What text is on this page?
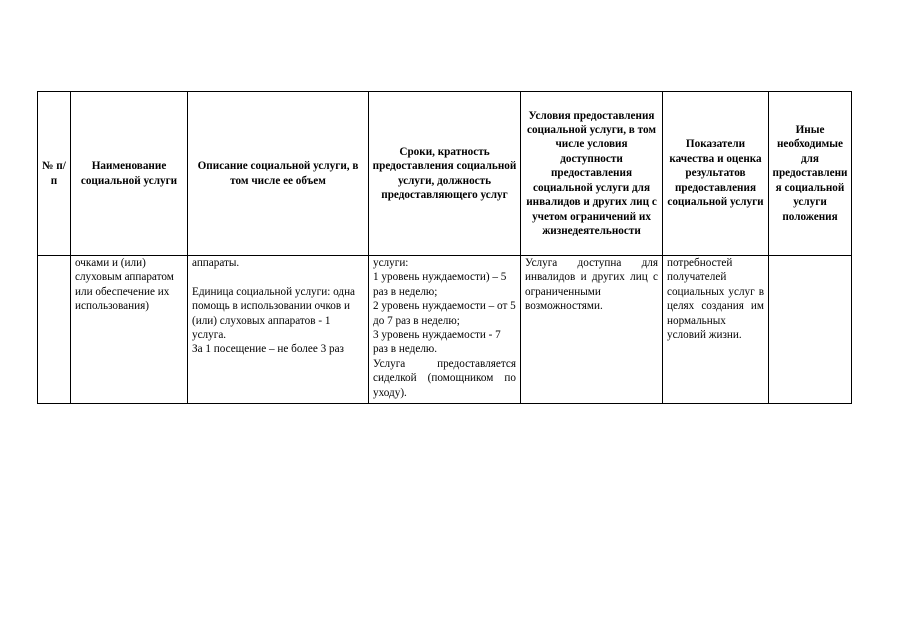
№ п/п	Наименование социальной услуги	Описание социальной услуги, в том числе ее объем	Сроки, кратность предоставления социальной услуги, должность предоставляющего услуг	Условия предоставления социальной услуги, в том числе условия доступности предоставления социальной услуги для инвалидов и других лиц с учетом ограничений их жизнедеятельности	Показатели качества и оценка результатов предоставления социальной услуги	Иные необходимые для предоставления социальной услуги положения
	очками и (или) слуховым аппаратом или обеспечение их использования)	аппараты.
Единица социальной услуги: одна помощь в использовании очков и (или) слуховых аппаратов - 1 услуга.
За 1 посещение – не более 3 раз	услуги:
1 уровень нуждаемости) – 5 раз в неделю;
2 уровень нуждаемости – от 5 до 7 раз в неделю;
3 уровень нуждаемости - 7 раз в неделю.
Услуга предоставляется сиделкой (помощником по уходу).	Услуга доступна для инвалидов и других лиц с ограниченными возможностями.	потребностей получателей социальных услуг в целях создания им нормальных условий жизни.	
